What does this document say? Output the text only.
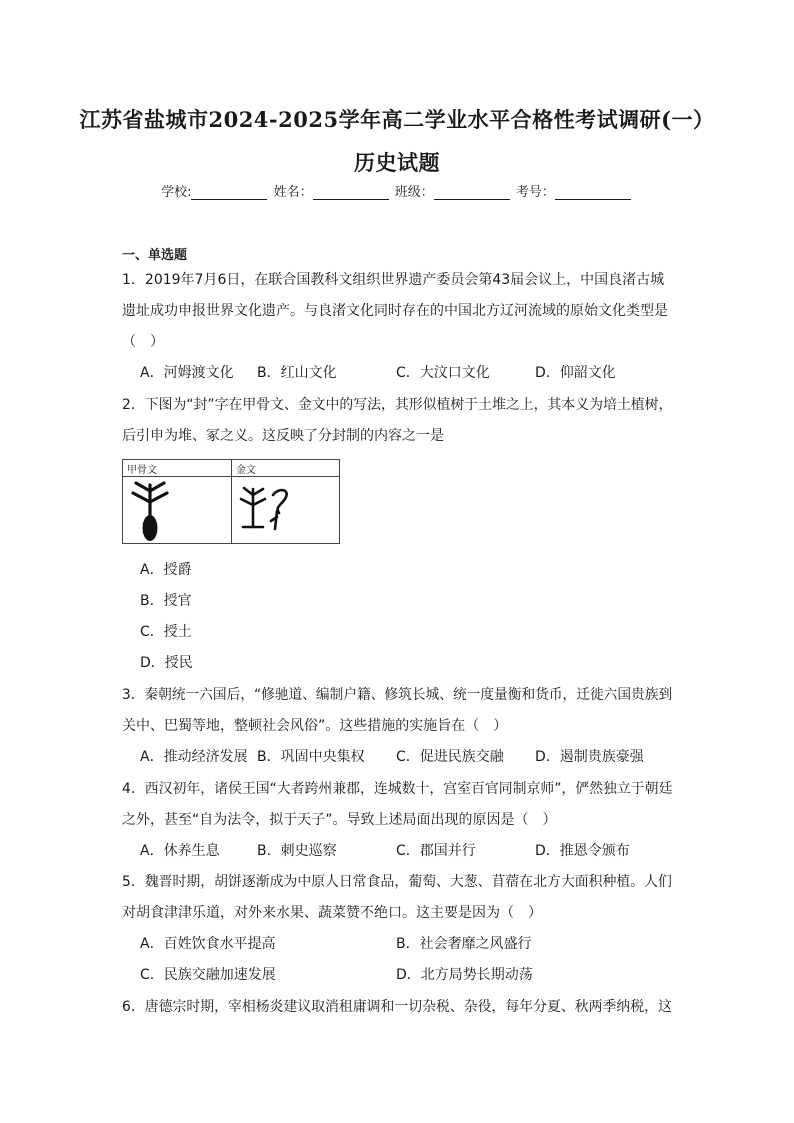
江苏省盐城市2024-2025学年高二学业水平合格性考试调研(一）
历史试题
学校:	姓名：	班级：	考号：
一、单选题
1．2019年7月6日，在联合国教科文组织世界遗产委员会第43届会议上，中国良渚古城
遗址成功申报世界文化遗产。与良渚文化同时存在的中国北方辽河流域的原始文化类型是
（　）
A．河姆渡文化 B．红山文化	C．大汶口文化	D．仰韶文化
2．下图为“封”字在甲骨文、金文中的写法，其形似植树于土堆之上，其本义为培土植树，
后引申为堆、冢之义。这反映了分封制的内容之一是
甲骨文	金文
A．授爵
B．授官
C．授土
D．授民
3．秦朝统一六国后，“修驰道、编制户籍、修筑长城、统一度量衡和货币，迁徙六国贵族到
关中、巴蜀等地，整顿社会风俗”。这些措施的实施旨在（　）
A．推动经济发展 B．巩固中央集权 C．促进民族交融 D．遏制贵族豪强
4．西汉初年，诸侯王国“大者跨州兼郡，连城数十，宫室百官同制京师”，俨然独立于朝廷
之外，甚至“自为法令，拟于天子”。导致上述局面出现的原因是（　）
A．休养生息	B．刺史巡察	C．郡国并行	D．推恩令颁布
5．魏晋时期，胡饼逐渐成为中原人日常食品，葡萄、大葱、苜蓿在北方大面积种植。人们
对胡食津津乐道，对外来水果、蔬菜赞不绝口。这主要是因为（　）
A．百姓饮食水平提高	B．社会奢靡之风盛行
C．民族交融加速发展	D．北方局势长期动荡
6．唐德宗时期，宰相杨炎建议取消租庸调和一切杂税、杂役，每年分夏、秋两季纳税，这
